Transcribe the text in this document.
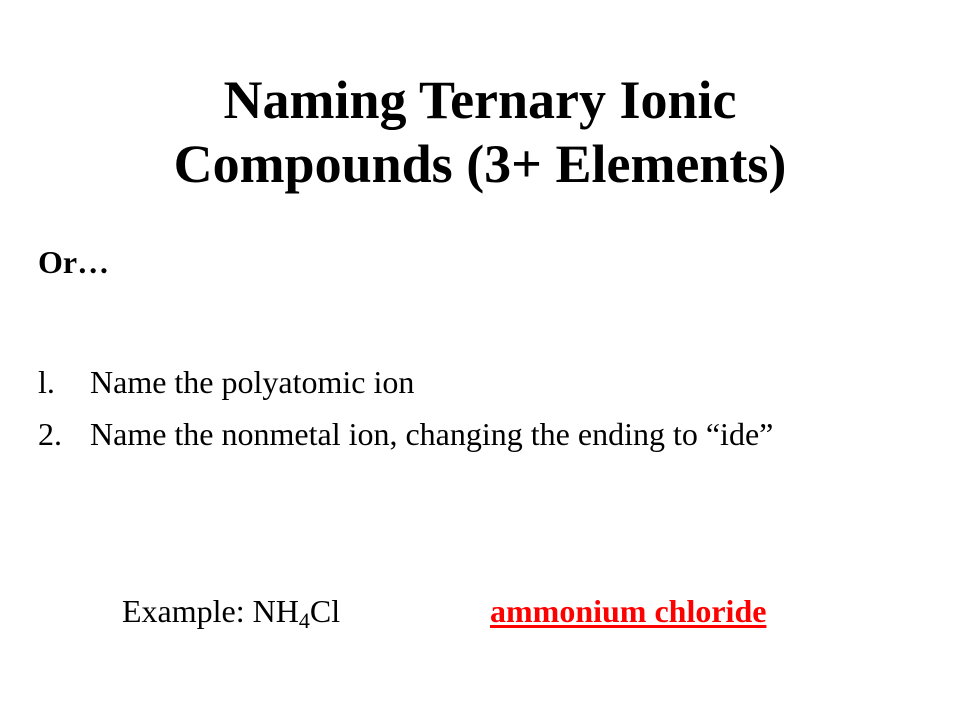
Naming Ternary Ionic
Compounds (3+ Elements)
Or…
l.	Name the polyatomic ion
2. Name the nonmetal ion, changing the ending to “ide”
Example: $NH_4Cl$	ammonium chloride
